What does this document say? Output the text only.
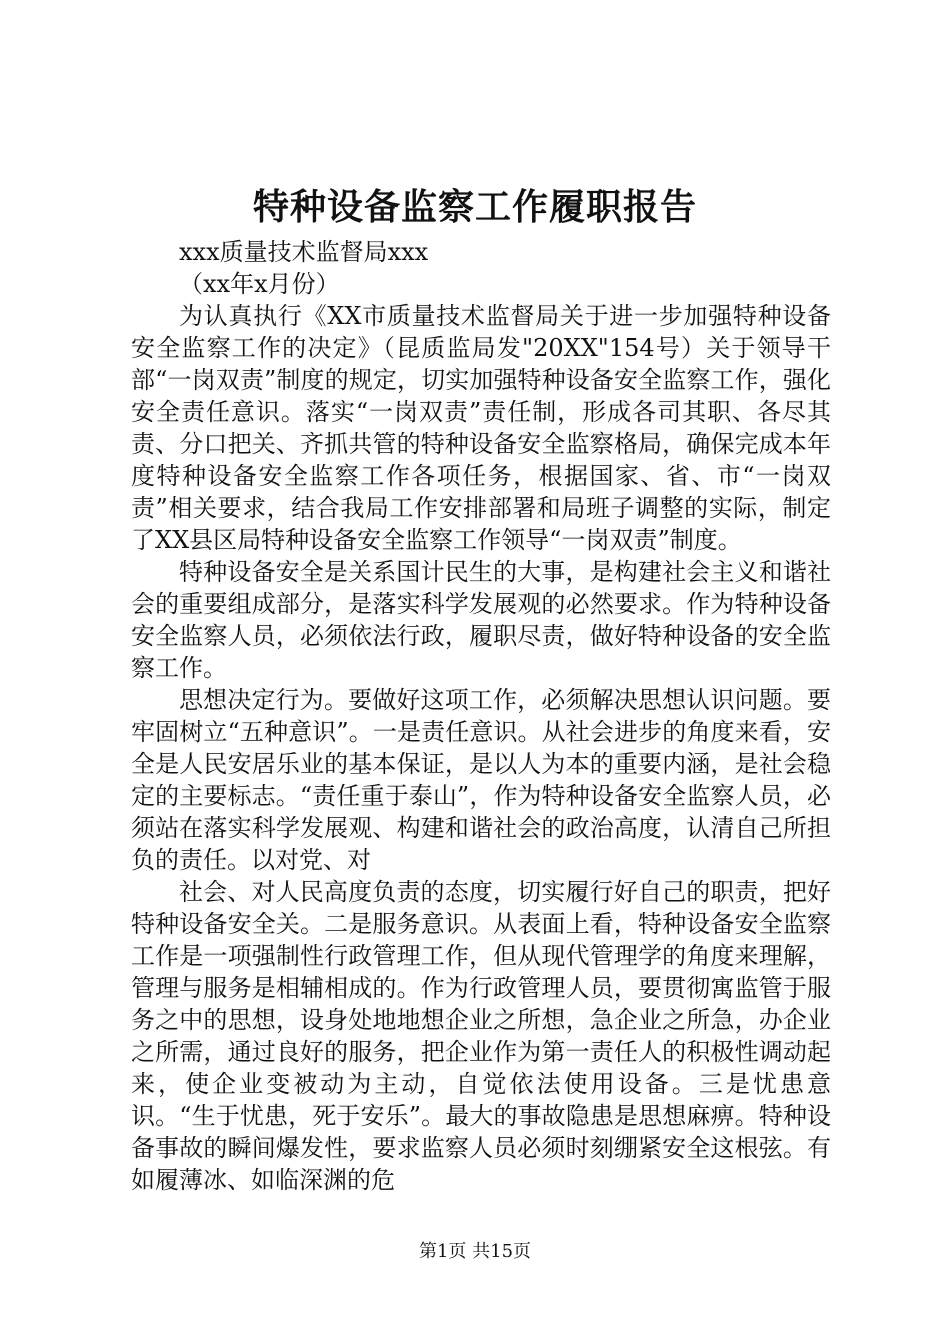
特种设备监察工作履职报告
xxx质量技术监督局xxx
（xx年x月份）

为认真执行《XX市质量技术监督局关于进一步加强特种设备安全监察工作的决定》（昆质监局发"20XX"154号）关于领导干部“一岗双责”制度的规定，切实加强特种设备安全监察工作，强化安全责任意识。落实“一岗双责”责任制，形成各司其职、各尽其责、分口把关、齐抓共管的特种设备安全监察格局，确保完成本年度特种设备安全监察工作各项任务，根据国家、省、市“一岗双责”相关要求，结合我局工作安排部署和局班子调整的实际，制定了XX县区局特种设备安全监察工作领导“一岗双责”制度。

特种设备安全是关系国计民生的大事，是构建社会主义和谐社会的重要组成部分，是落实科学发展观的必然要求。作为特种设备安全监察人员，必须依法行政，履职尽责，做好特种设备的安全监察工作。

思想决定行为。要做好这项工作，必须解决思想认识问题。要牢固树立“五种意识”。一是责任意识。从社会进步的角度来看，安全是人民安居乐业的基本保证，是以人为本的重要内涵，是社会稳定的主要标志。“责任重于泰山”，作为特种设备安全监察人员，必须站在落实科学发展观、构建和谐社会的政治高度，认清自己所担负的责任。以对党、对

社会、对人民高度负责的态度，切实履行好自己的职责，把好特种设备安全关。二是服务意识。从表面上看，特种设备安全监察工作是一项强制性行政管理工作，但从现代管理学的角度来理解，管理与服务是相辅相成的。作为行政管理人员，要贯彻寓监管于服务之中的思想，设身处地地想企业之所想，急企业之所急，办企业之所需，通过良好的服务，把企业作为第一责任人的积极性调动起来，使企业变被动为主动，自觉依法使用设备。三是忧患意识。“生于忧患，死于安乐”。最大的事故隐患是思想麻痹。特种设备事故的瞬间爆发性，要求监察人员必须时刻绷紧安全这根弦。有如履薄冰、如临深渊的危

第1页 共15页
